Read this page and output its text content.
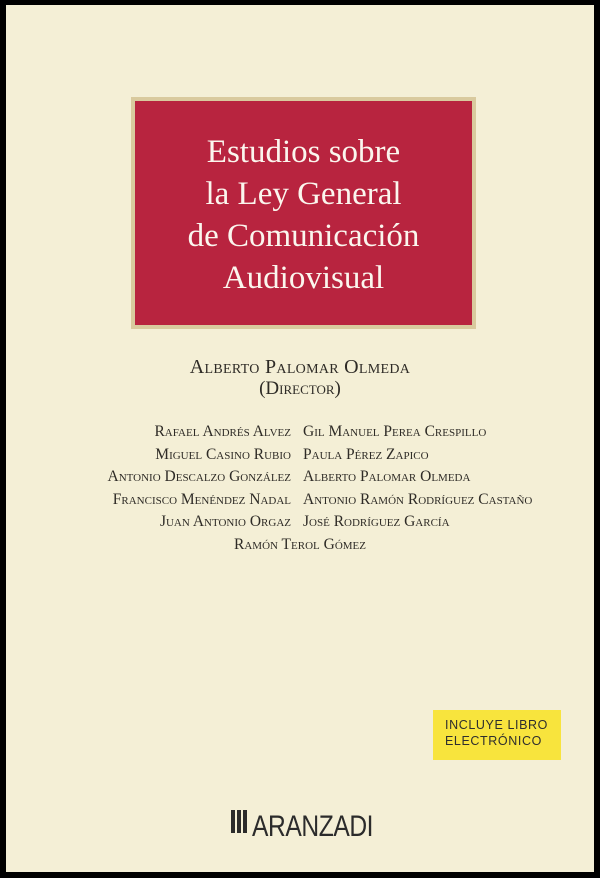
Estudios sobre
la Ley General
de Comunicación
Audiovisual
Alberto Palomar Olmeda
(Director)
Rafael Andrés Alvez Gil Manuel Perea Crespillo
Miguel Casino Rubio Paula Pérez Zapico
Antonio Descalzo González Alberto Palomar Olmeda
Francisco Menéndez Nadal Antonio Ramón Rodríguez Castaño
Juan Antonio Orgaz José Rodríguez García
Ramón Terol Gómez
INCLUYE LIBRO
ELECTRÓNICO
ARANZADI
